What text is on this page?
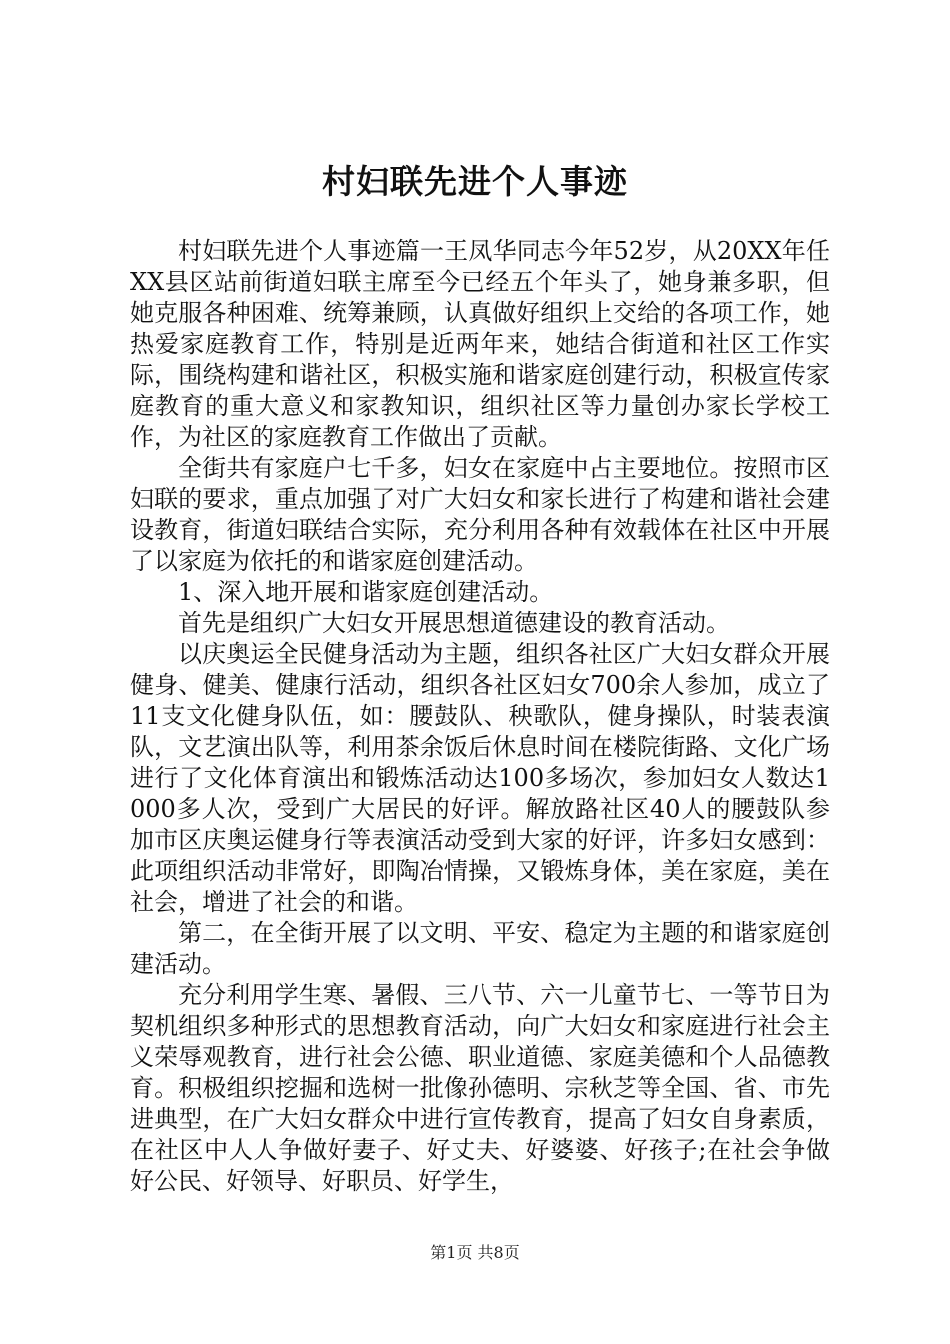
村妇联先进个人事迹

村妇联先进个人事迹篇一王凤华同志今年52岁，从20XX年任XX县区站前街道妇联主席至今已经五个年头了，她身兼多职，但她克服各种困难、统筹兼顾，认真做好组织上交给的各项工作，她热爱家庭教育工作，特别是近两年来，她结合街道和社区工作实际，围绕构建和谐社区，积极实施和谐家庭创建行动，积极宣传家庭教育的重大意义和家教知识，组织社区等力量创办家长学校工作，为社区的家庭教育工作做出了贡献。

全街共有家庭户七千多，妇女在家庭中占主要地位。按照市区妇联的要求，重点加强了对广大妇女和家长进行了构建和谐社会建设教育，街道妇联结合实际，充分利用各种有效载体在社区中开展了以家庭为依托的和谐家庭创建活动。

1、深入地开展和谐家庭创建活动。

首先是组织广大妇女开展思想道德建设的教育活动。

以庆奥运全民健身活动为主题，组织各社区广大妇女群众开展健身、健美、健康行活动，组织各社区妇女700余人参加，成立了11支文化健身队伍，如：腰鼓队、秧歌队，健身操队，时装表演队，文艺演出队等，利用茶余饭后休息时间在楼院街路、文化广场进行了文化体育演出和锻炼活动达100多场次，参加妇女人数达1000多人次，受到广大居民的好评。解放路社区40人的腰鼓队参加市区庆奥运健身行等表演活动受到大家的好评，许多妇女感到：此项组织活动非常好，即陶冶情操，又锻炼身体，美在家庭，美在社会，增进了社会的和谐。

第二，在全街开展了以文明、平安、稳定为主题的和谐家庭创建活动。

充分利用学生寒、暑假、三八节、六一儿童节七、一等节日为契机组织多种形式的思想教育活动，向广大妇女和家庭进行社会主义荣辱观教育，进行社会公德、职业道德、家庭美德和个人品德教育。积极组织挖掘和选树一批像孙德明、宗秋芝等全国、省、市先进典型，在广大妇女群众中进行宣传教育，提高了妇女自身素质，在社区中人人争做好妻子、好丈夫、好婆婆、好孩子;在社会争做好公民、好领导、好职员、好学生，

第1页 共8页
